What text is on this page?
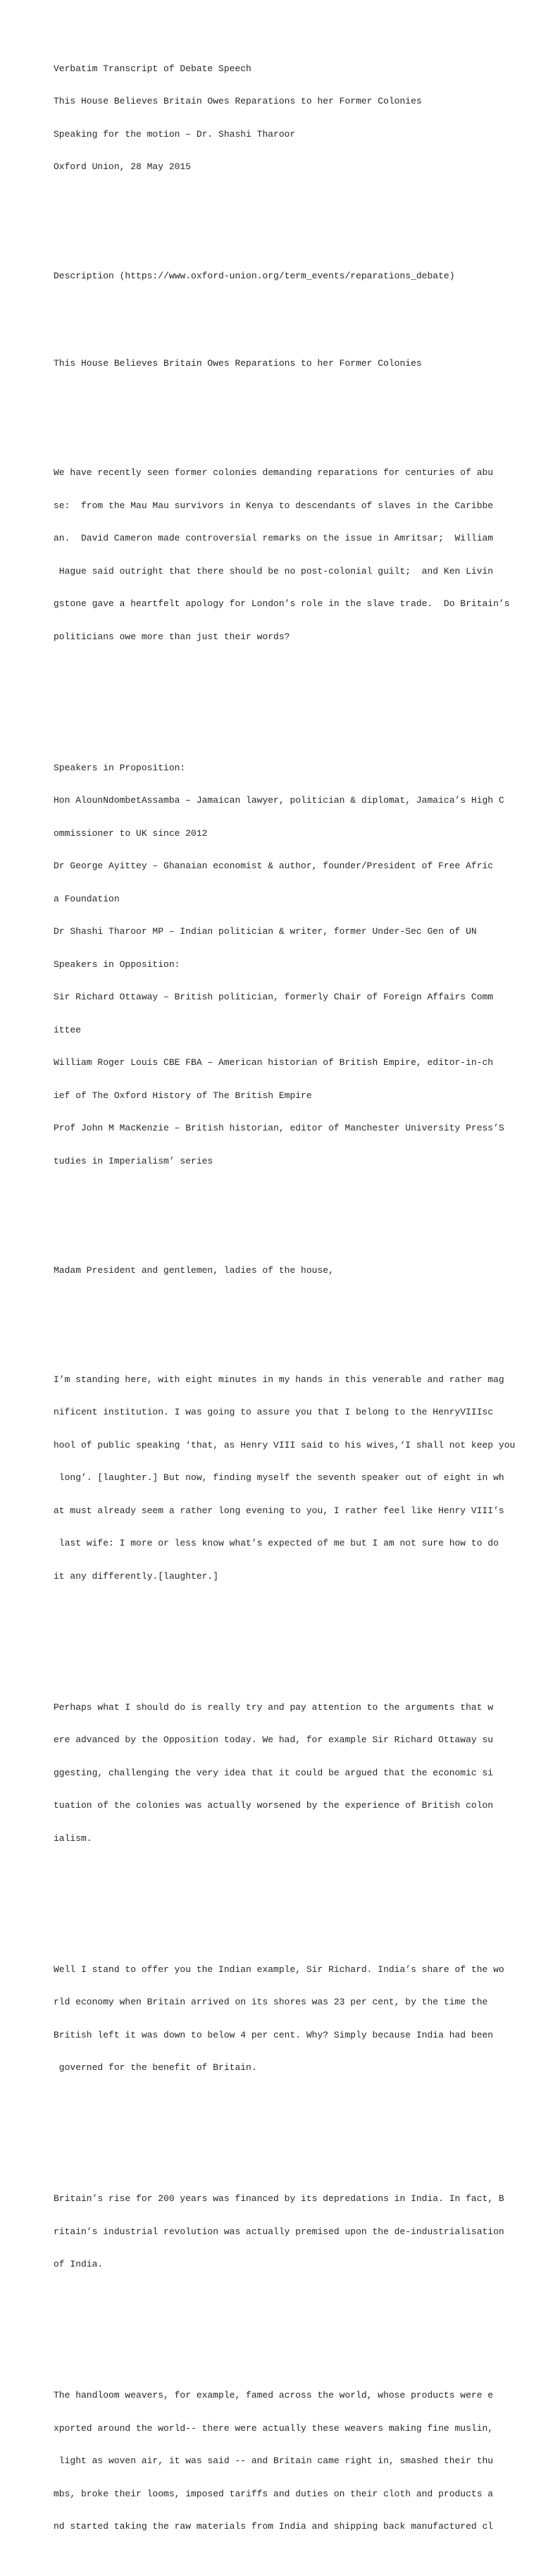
Verbatim Transcript of Debate Speech

This House Believes Britain Owes Reparations to her Former Colonies

Speaking for the motion – Dr. Shashi Tharoor

Oxford Union, 28 May 2015

Description (https://www.oxford-union.org/term_events/reparations_debate)

This House Believes Britain Owes Reparations to her Former Colonies

We have recently seen former colonies demanding reparations for centuries of abu

se:  from the Mau Mau survivors in Kenya to descendants of slaves in the Caribbe

an.  David Cameron made controversial remarks on the issue in Amritsar;  William

Hague said outright that there should be no post-colonial guilt;  and Ken Livin

gstone gave a heartfelt apology for London’s role in the slave trade.  Do Britain’s

politicians owe more than just their words?

Speakers in Proposition:

Hon AlounNdombetAssamba – Jamaican lawyer, politician & diplomat, Jamaica’s High C

ommissioner to UK since 2012

Dr George Ayittey – Ghanaian economist & author, founder/President of Free Afric

a Foundation

Dr Shashi Tharoor MP – Indian politician & writer, former Under-Sec Gen of UN

Speakers in Opposition:

Sir Richard Ottaway – British politician, formerly Chair of Foreign Affairs Comm

ittee

William Roger Louis CBE FBA – American historian of British Empire, editor-in-ch

ief of The Oxford History of The British Empire

Prof John M MacKenzie – British historian, editor of Manchester University Press’S

tudies in Imperialism’ series

Madam President and gentlemen, ladies of the house,

I’m standing here, with eight minutes in my hands in this venerable and rather mag

nificent institution. I was going to assure you that I belong to the HenryVIIIsc

hool of public speaking ‘that, as Henry VIII said to his wives,‘I shall not keep you

long’. [laughter.] But now, finding myself the seventh speaker out of eight in wh

at must already seem a rather long evening to you, I rather feel like Henry VIII’s

last wife: I more or less know what’s expected of me but I am not sure how to do

it any differently.[laughter.]

Perhaps what I should do is really try and pay attention to the arguments that w

ere advanced by the Opposition today. We had, for example Sir Richard Ottaway su

ggesting, challenging the very idea that it could be argued that the economic si

tuation of the colonies was actually worsened by the experience of British colon

ialism.

Well I stand to offer you the Indian example, Sir Richard. India’s share of the wo

rld economy when Britain arrived on its shores was 23 per cent, by the time the

British left it was down to below 4 per cent. Why? Simply because India had been

governed for the benefit of Britain.

Britain’s rise for 200 years was financed by its depredations in India. In fact, B

ritain’s industrial revolution was actually premised upon the de-industrialisation

of India.

The handloom weavers, for example, famed across the world, whose products were e

xported around the world-- there were actually these weavers making fine muslin,

light as woven air, it was said -- and Britain came right in, smashed their thu

mbs, broke their looms, imposed tariffs and duties on their cloth and products a

nd started taking the raw materials from India and shipping back manufactured cl
